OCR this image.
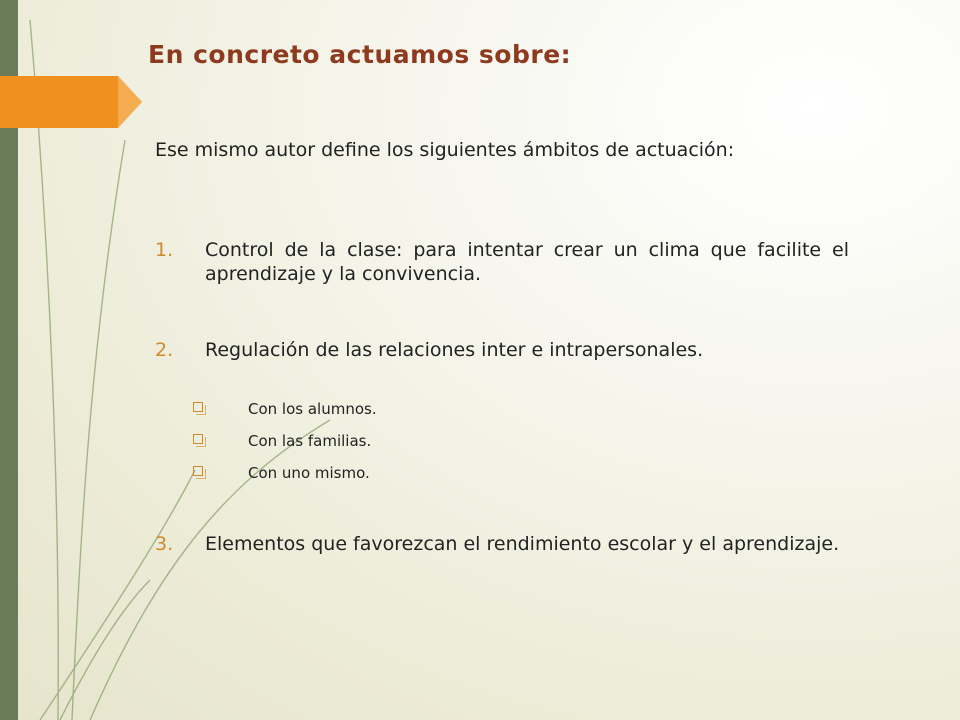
En concreto actuamos sobre:

Ese mismo autor define los siguientes ámbitos de actuación:

1. Control de la clase: para intentar crear un clima que facilite el aprendizaje y la convivencia.
2. Regulación de las relaciones inter e intrapersonales.
Con los alumnos.
Con las familias.
Con uno mismo.
3. Elementos que favorezcan el rendimiento escolar y el aprendizaje.
